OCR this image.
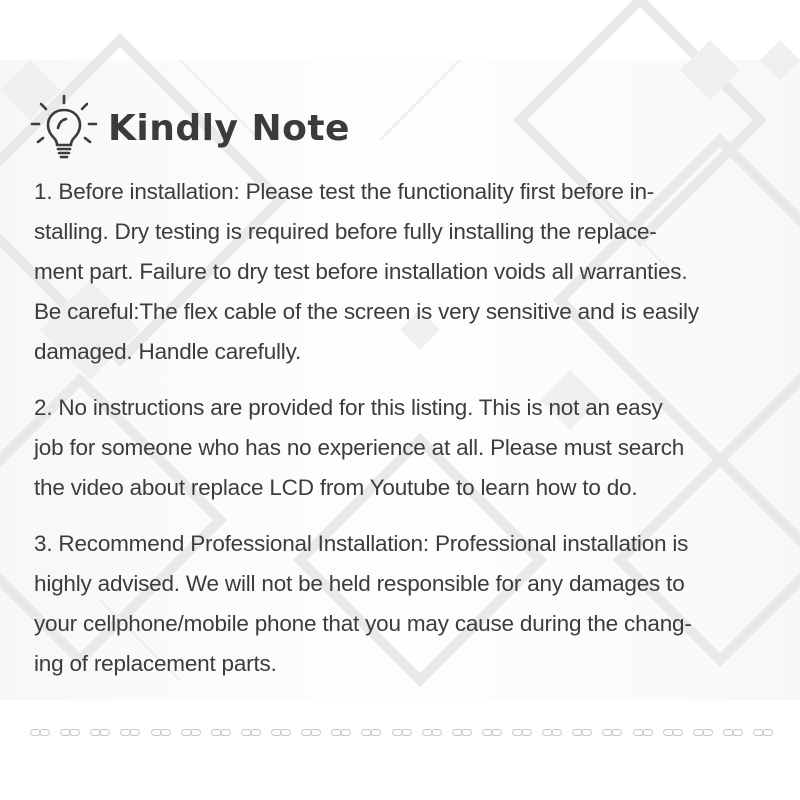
Kindly Note

1. Before installation: Please test the functionality first before in-
stalling. Dry testing is required before fully installing the replace-
ment part. Failure to dry test before installation voids all warranties.
Be careful:The flex cable of the screen is very sensitive and is easily
damaged. Handle carefully.

2. No instructions are provided for this listing. This is not an easy
job for someone who has no experience at all. Please must search
the video about replace LCD from Youtube to learn how to do.

3. Recommend Professional Installation: Professional installation is
highly advised. We will not be held responsible for any damages to
your cellphone/mobile phone that you may cause during the chang-
ing of replacement parts.
